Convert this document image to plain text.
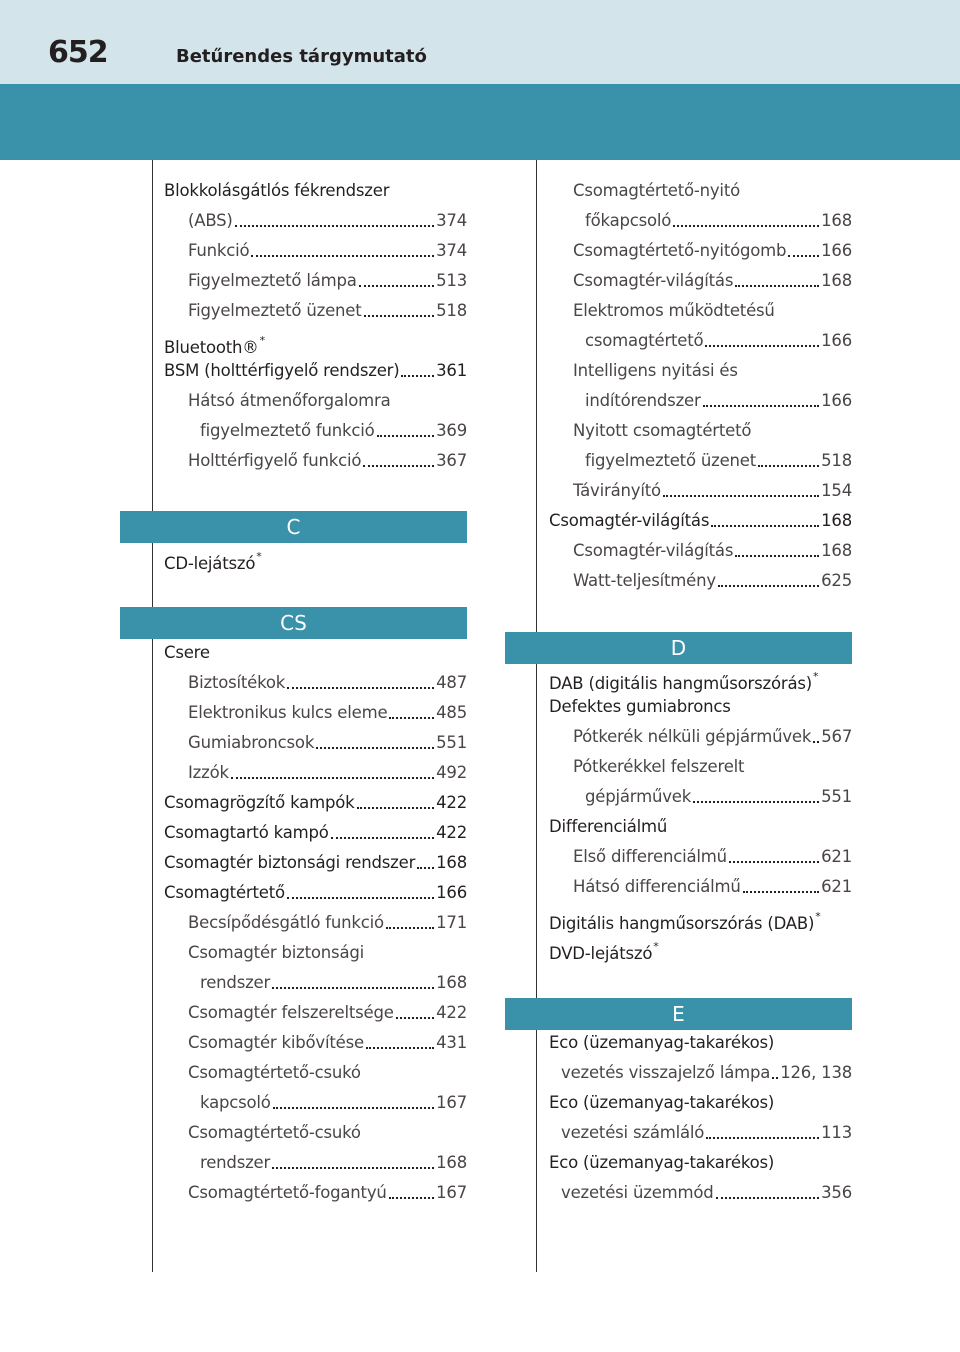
652	Betűrendes tárgymutató
Blokkolásgátlós fékrendszer
(ABS)	374
Funkció	374
Figyelmeztető lámpa	513
Figyelmeztető üzenet	518
Bluetooth®*
BSM (holttérfigyelő rendszer) 361
Hátsó átmenőforgalomra
figyelmeztető funkció	369
Holttérfigyelő funkció	367
C
CD-lejátszó*
CS
Csere
Biztosítékok	487
Elektronikus kulcs eleme	485
Gumiabroncsok	551
Izzók	492
Csomagrögzítő kampók	422
Csomagtartó kampó	422
Csomagtér biztonsági rendszer 168
Csomagtértető	166
Becsípődésgátló funkció	171
Csomagtér biztonsági
rendszer	168
Csomagtér felszereltsége	422
Csomagtér kibővítése	431
Csomagtértető-csukó
kapcsoló	167
Csomagtértető-csukó
rendszer	168
Csomagtértető-fogantyú	167
Csomagtértető-nyitó
főkapcsoló	168
Csomagtértető-nyitógomb 166
Csomagtér-világítás	168
Elektromos működtetésű
csomagtértető	166
Intelligens nyitási és
indítórendszer	166
Nyitott csomagtértető
figyelmeztető üzenet	518
Távirányító	154
Csomagtér-világítás	168
Csomagtér-világítás	168
Watt-teljesítmény	625
D
DAB (digitális hangműsorszórás)*
Defektes gumiabroncs
Pótkerék nélküli gépjárművek 567
Pótkerékkel felszerelt
gépjárművek	551
Differenciálmű
Első differenciálmű	621
Hátsó differenciálmű	621
Digitális hangműsorszórás (DAB)*
DVD-lejátszó*
E
Eco (üzemanyag-takarékos)
vezetés visszajelző lámpa 126, 138
Eco (üzemanyag-takarékos)
vezetési számláló	113
Eco (üzemanyag-takarékos)
vezetési üzemmód	356
